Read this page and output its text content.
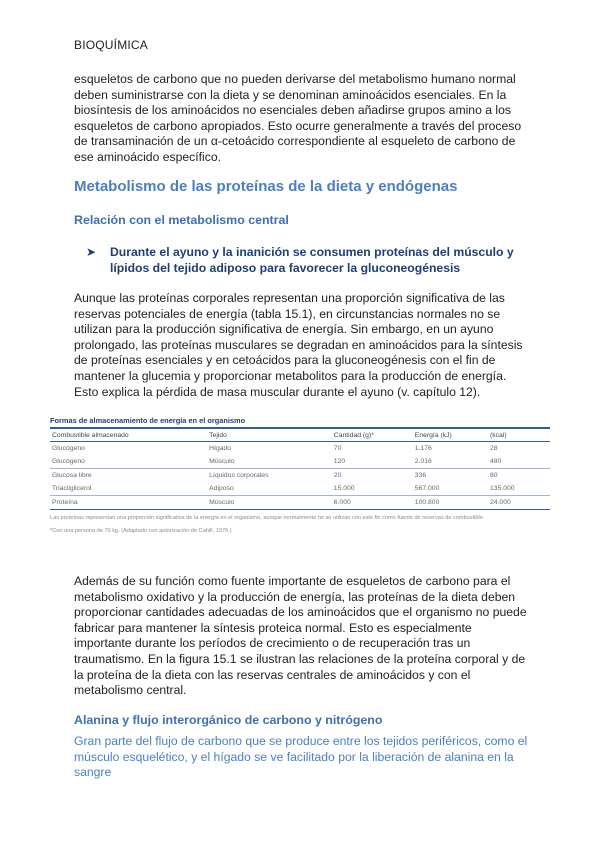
BIOQUÍMICA

esqueletos de carbono que no pueden derivarse del metabolismo humano normal deben suministrarse con la dieta y se denominan aminoácidos esenciales. En la biosíntesis de los aminoácidos no esenciales deben añadirse grupos amino a los esqueletos de carbono apropiados. Esto ocurre generalmente a través del proceso de transaminación de un α-cetoácido correspondiente al esqueleto de carbono de ese aminoácido específico.

Metabolismo de las proteínas de la dieta y endógenas
Relación con el metabolismo central
➤ Durante el ayuno y la inanición se consumen proteínas del músculo y lípidos del tejido adiposo para favorecer la gluconeogénesis

Aunque las proteínas corporales representan una proporción significativa de las reservas potenciales de energía (tabla 15.1), en circunstancias normales no se utilizan para la producción significativa de energía. Sin embargo, en un ayuno prolongado, las proteínas musculares se degradan en aminoácidos para la síntesis de proteínas esenciales y en cetoácidos para la gluconeogénesis con el fin de mantener la glucemia y proporcionar metabolitos para la producción de energía. Esto explica la pérdida de masa muscular durante el ayuno (v. capítulo 12).

Formas de almacenamiento de energía en el organismo
Combustible almacenado	Tejido	Cantidad (g)*	Energía (kJ)	(kcal)
Glucógeno	Hígado	70	1.176	28
Glucógeno	Músculo	120	2.016	480
Glucosa libre	Líquidos corporales	20	336	80
Triacilglicerol	Adiposo	15.000	567.000	135.000
Proteína	Músculo	6.000	100.800	24.000
Las proteínas representan una proporción significativa de la energía en el organismo, aunque normalmente no se utilizan con este fin como fuente de reservas de combustible.
*Con una persona de 70 kg. (Adaptado con autorización de Cahill, 1976.)

Además de su función como fuente importante de esqueletos de carbono para el metabolismo oxidativo y la producción de energía, las proteínas de la dieta deben proporcionar cantidades adecuadas de los aminoácidos que el organismo no puede fabricar para mantener la síntesis proteica normal. Esto es especialmente importante durante los períodos de crecimiento o de recuperación tras un traumatismo. En la figura 15.1 se ilustran las relaciones de la proteína corporal y de la proteína de la dieta con las reservas centrales de aminoácidos y con el metabolismo central.

Alanina y flujo interorgánico de carbono y nitrógeno

Gran parte del flujo de carbono que se produce entre los tejidos periféricos, como el músculo esquelético, y el hígado se ve facilitado por la liberación de alanina en la sangre
